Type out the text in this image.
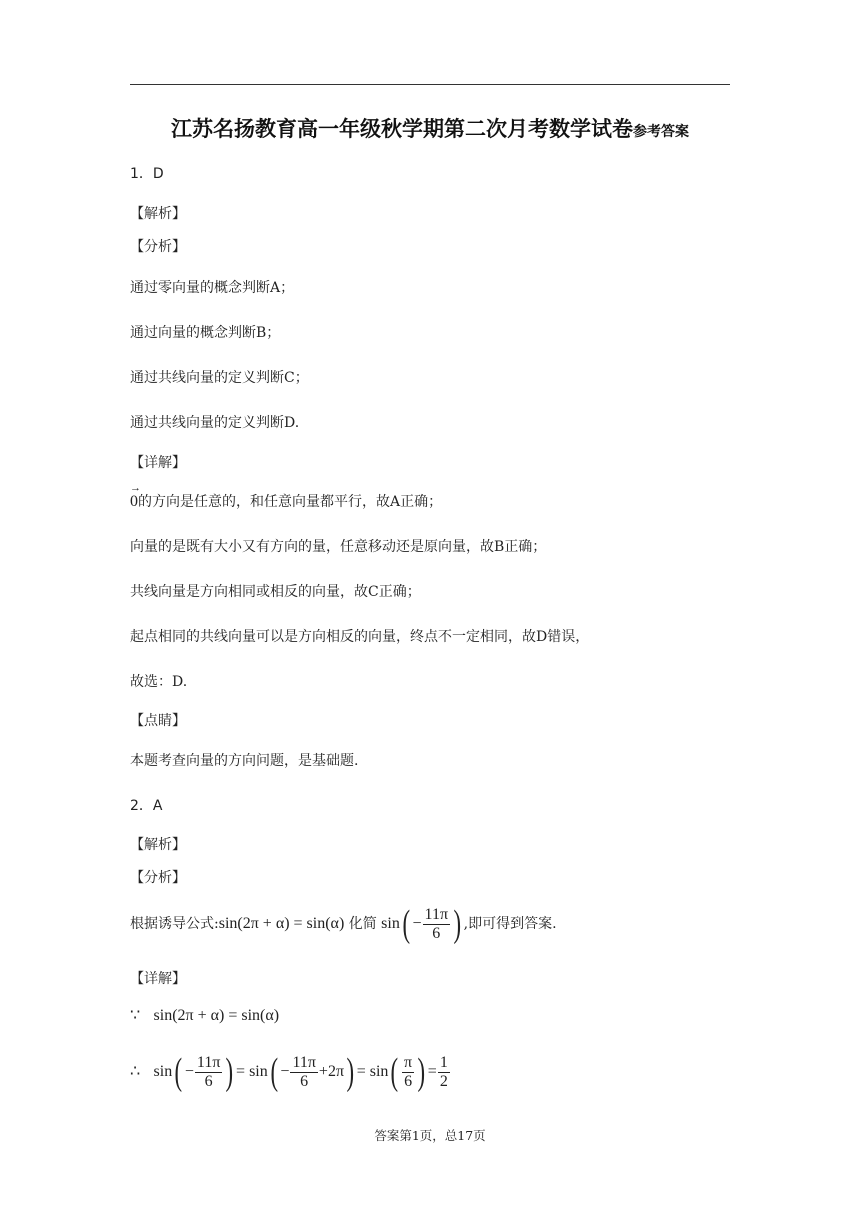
江苏名扬教育高一年级秋学期第二次月考数学试卷参考答案
1．D
【解析】
【分析】
通过零向量的概念判断A；
通过向量的概念判断B；
通过共线向量的定义判断C；
通过共线向量的定义判断D.
【详解】
→
0的方向是任意的，和任意向量都平行，故A正确；
向量的是既有大小又有方向的量，任意移动还是原向量，故B正确；
共线向量是方向相同或相反的向量，故C正确；
起点相同的共线向量可以是方向相反的向量，终点不一定相同，故D错误，
故选：D.
【点睛】
本题考查向量的方向问题，是基础题.
2．A
【解析】
【分析】
根据诱导公式:sin(2π + α) = sin(α) 化简 $\sin( - \frac{11\pi}{6}$ ) ,即可得到答案.
【详解】
∵ sin(2π + α) = sin(α)
∴ $\sin( - \frac{11\pi}{6}$ ) = $\sin( - \frac{11\pi}{6} +2\pi) = \sin( \frac{\pi}{6}$ ) = $\frac{1}{2}$
答案第1页，总17页
